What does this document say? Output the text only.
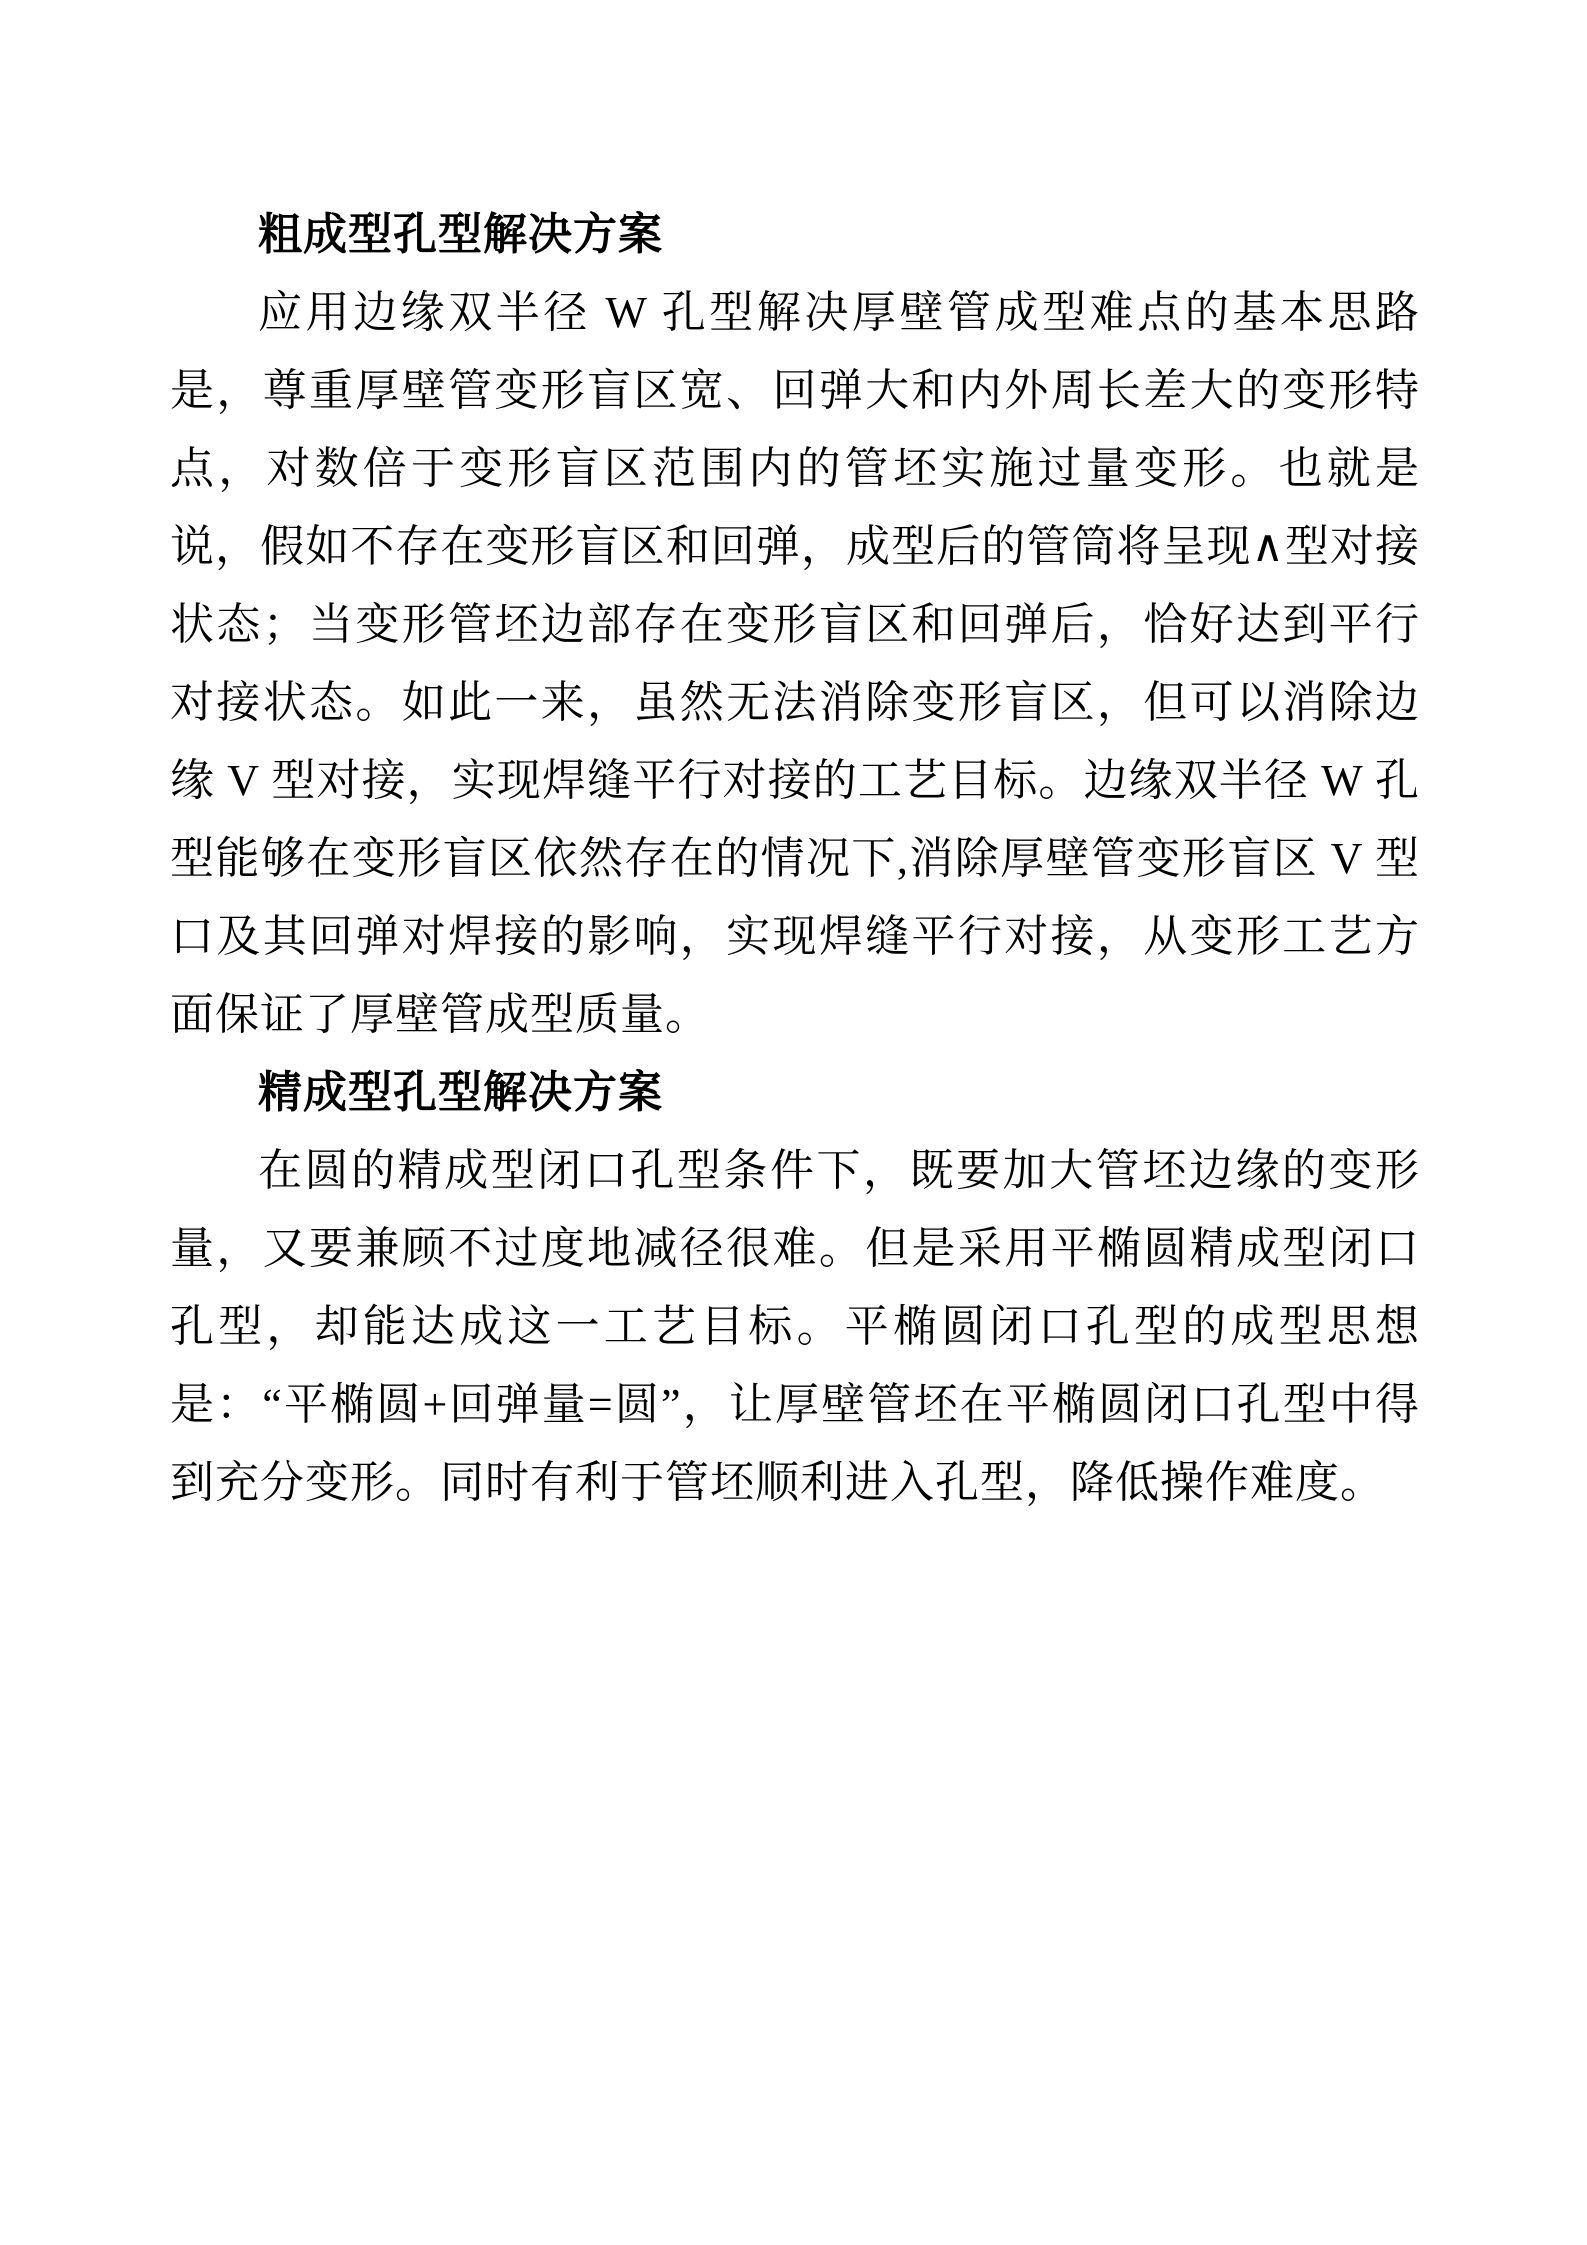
粗成型孔型解决方案

应用边缘双半径 W 孔型解决厚壁管成型难点的基本思路是，尊重厚壁管变形盲区宽、回弹大和内外周长差大的变形特点，对数倍于变形盲区范围内的管坯实施过量变形。也就是说，假如不存在变形盲区和回弹，成型后的管筒将呈现∧型对接状态；当变形管坯边部存在变形盲区和回弹后，恰好达到平行对接状态。如此一来，虽然无法消除变形盲区，但可以消除边缘 V 型对接，实现焊缝平行对接的工艺目标。边缘双半径 W 孔型能够在变形盲区依然存在的情况下,消除厚壁管变形盲区 V 型口及其回弹对焊接的影响，实现焊缝平行对接，从变形工艺方面保证了厚壁管成型质量。

精成型孔型解决方案

在圆的精成型闭口孔型条件下，既要加大管坯边缘的变形量，又要兼顾不过度地减径很难。但是采用平椭圆精成型闭口孔型，却能达成这一工艺目标。平椭圆闭口孔型的成型思想是：“平椭圆+回弹量=圆”，让厚壁管坯在平椭圆闭口孔型中得到充分变形。同时有利于管坯顺利进入孔型，降低操作难度。
